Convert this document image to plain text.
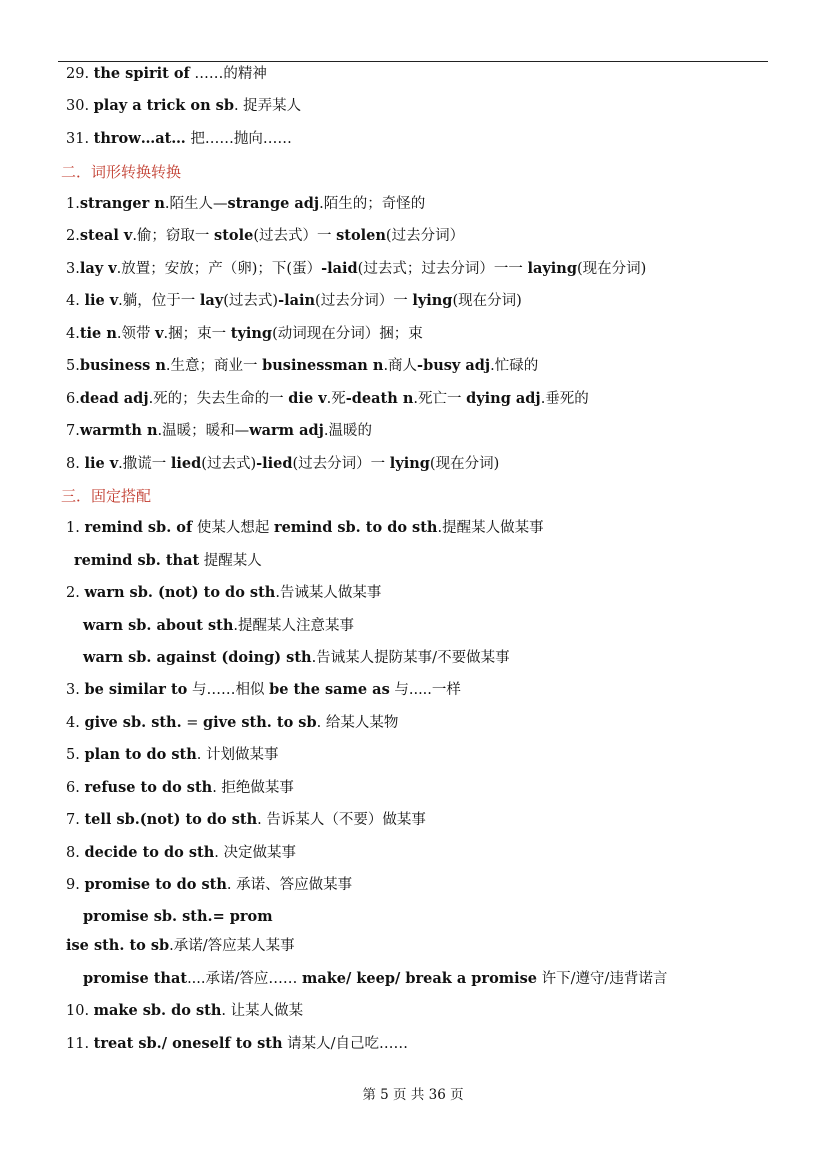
29. the spirit of ……的精神
30. play a trick on sb. 捉弄某人
31. throw…at… 把……抛向……
二．词形转换转换
1.stranger n.陌生人—strange adj.陌生的；奇怪的
2.steal v.偷；窃取一 stole(过去式）一 stolen(过去分词）
3.lay v.放置；安放；产（卵)；下(蛋）-laid(过去式；过去分词）一一 laying(现在分词)
4. lie v.躺，位于一 lay(过去式)-lain(过去分词）一 lying(现在分词)
4.tie n.领带 v.捆；束一 tying(动词现在分词）捆；束
5.business n.生意；商业一 businessman n.商人-busy adj.忙碌的
6.dead adj.死的；失去生命的一 die v.死-death n.死亡一 dying adj.垂死的
7.warmth n.温暖；暖和—warm adj.温暖的
8. lie v.撒谎一 lied(过去式)-lied(过去分词）一 lying(现在分词)
三．固定搭配
1. remind sb. of 使某人想起 remind sb. to do sth.提醒某人做某事
remind sb. that 提醒某人
2. warn sb. (not) to do sth.告诫某人做某事
warn sb. about sth.提醒某人注意某事
warn sb. against (doing) sth.告诫某人提防某事/不要做某事
3. be similar to 与……相似 be the same as 与.....一样
4. give sb. sth. = give sth. to sb. 给某人某物
5. plan to do sth. 计划做某事
6. refuse to do sth. 拒绝做某事
7. tell sb.(not) to do sth. 告诉某人（不要）做某事
8. decide to do sth. 决定做某事
9. promise to do sth. 承诺、答应做某事
promise sb. sth.= prom
ise sth. to sb.承诺/答应某人某事
promise that....承诺/答应…… make/ keep/ break a promise 许下/遵守/违背诺言
10. make sb. do sth. 让某人做某
11. treat sb./ oneself to sth 请某人/自己吃……
第 5 页 共 36 页
